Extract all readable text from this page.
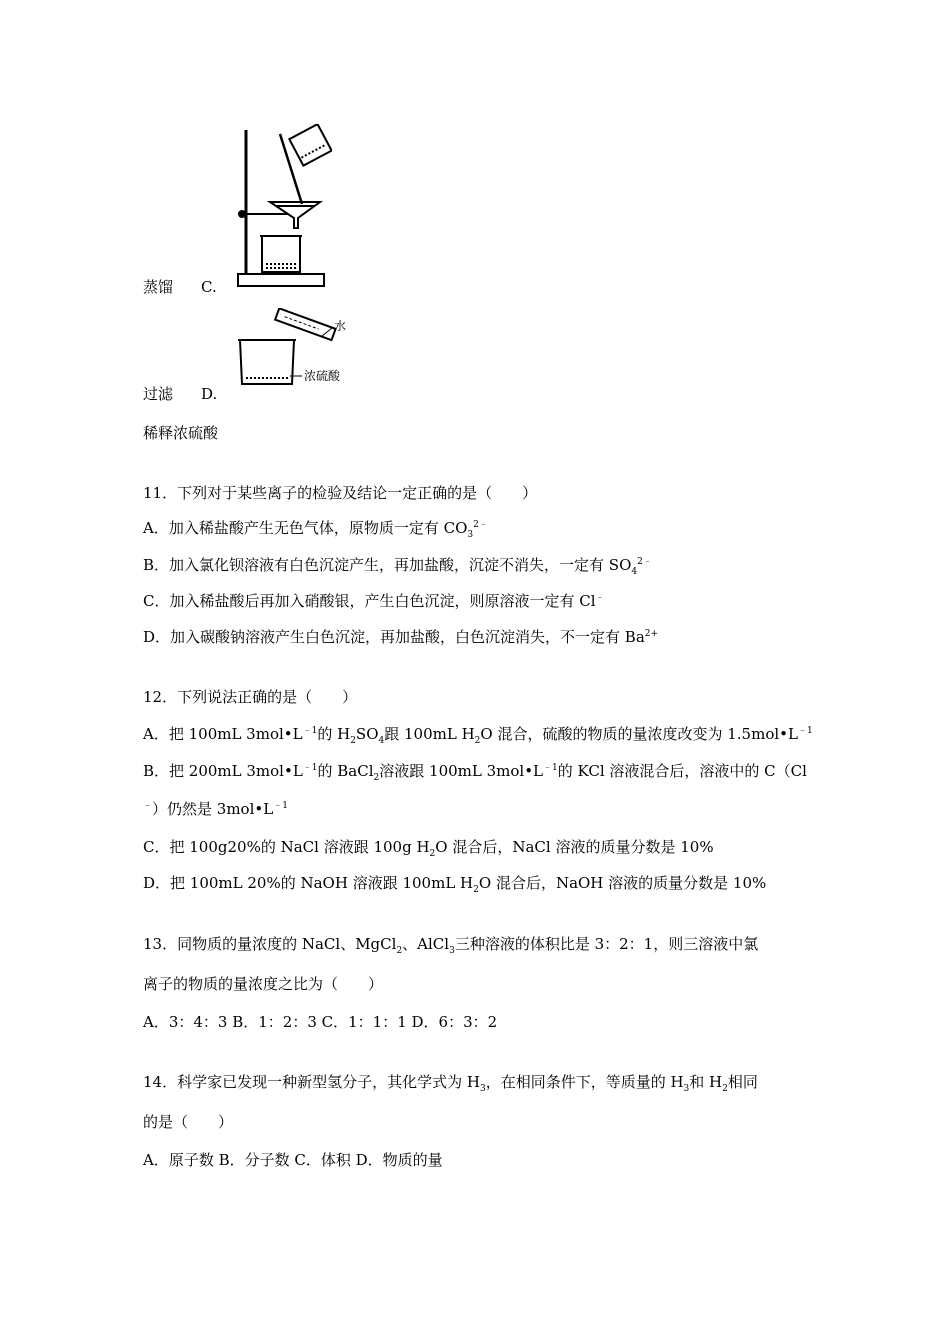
蒸馏 C.
水
浓硫酸
过滤 D.
稀释浓硫酸
11．下列对于某些离子的检验及结论一定正确的是（　　）
A．加入稀盐酸产生无色气体，原物质一定有 $CO_3^{2﹣}$
B．加入氯化钡溶液有白色沉淀产生，再加盐酸，沉淀不消失，一定有 $SO_4^{2﹣}$
C．加入稀盐酸后再加入硝酸银，产生白色沉淀，则原溶液一定有 Cl﹣
D．加入碳酸钠溶液产生白色沉淀，再加盐酸，白色沉淀消失，不一定有 $Ba^{2+}$
12．下列说法正确的是（　　）
A．把 100mL $3mol•L^{﹣1}$的 $H_2SO_4$跟 100mL $H_2O$ 混合，硫酸的物质的量浓度改变为 $1.5mol•L^{﹣1}$
B．把 200mL $3mol•L^{﹣1}$的 BaCl$_2$溶液跟 100mL $3mol•L^{﹣1}$的 KCl 溶液混合后，溶液中的 C（Cl
﹣）仍然是 $3mol•L^{﹣1}$
C．把 100g20%的 NaCl 溶液跟 100g $H_2O$ 混合后，NaCl 溶液的质量分数是 10%
D．把 100mL 20%的 NaOH 溶液跟 100mL $H_2O$ 混合后，NaOH 溶液的质量分数是 10%
13．同物质的量浓度的 NaCl、MgCl$_2$、AlCl$_3$三种溶液的体积比是 3：2：1，则三溶液中氯
离子的物质的量浓度之比为（　　）
A．3：4：3 B．1：2：3 C．1：1：1 D．6：3：2
14．科学家已发现一种新型氢分子，其化学式为 $H_3$，在相同条件下，等质量的 $H_3$和 $H_2$相同
的是（　　）
A．原子数 B．分子数 C．体积 D．物质的量
